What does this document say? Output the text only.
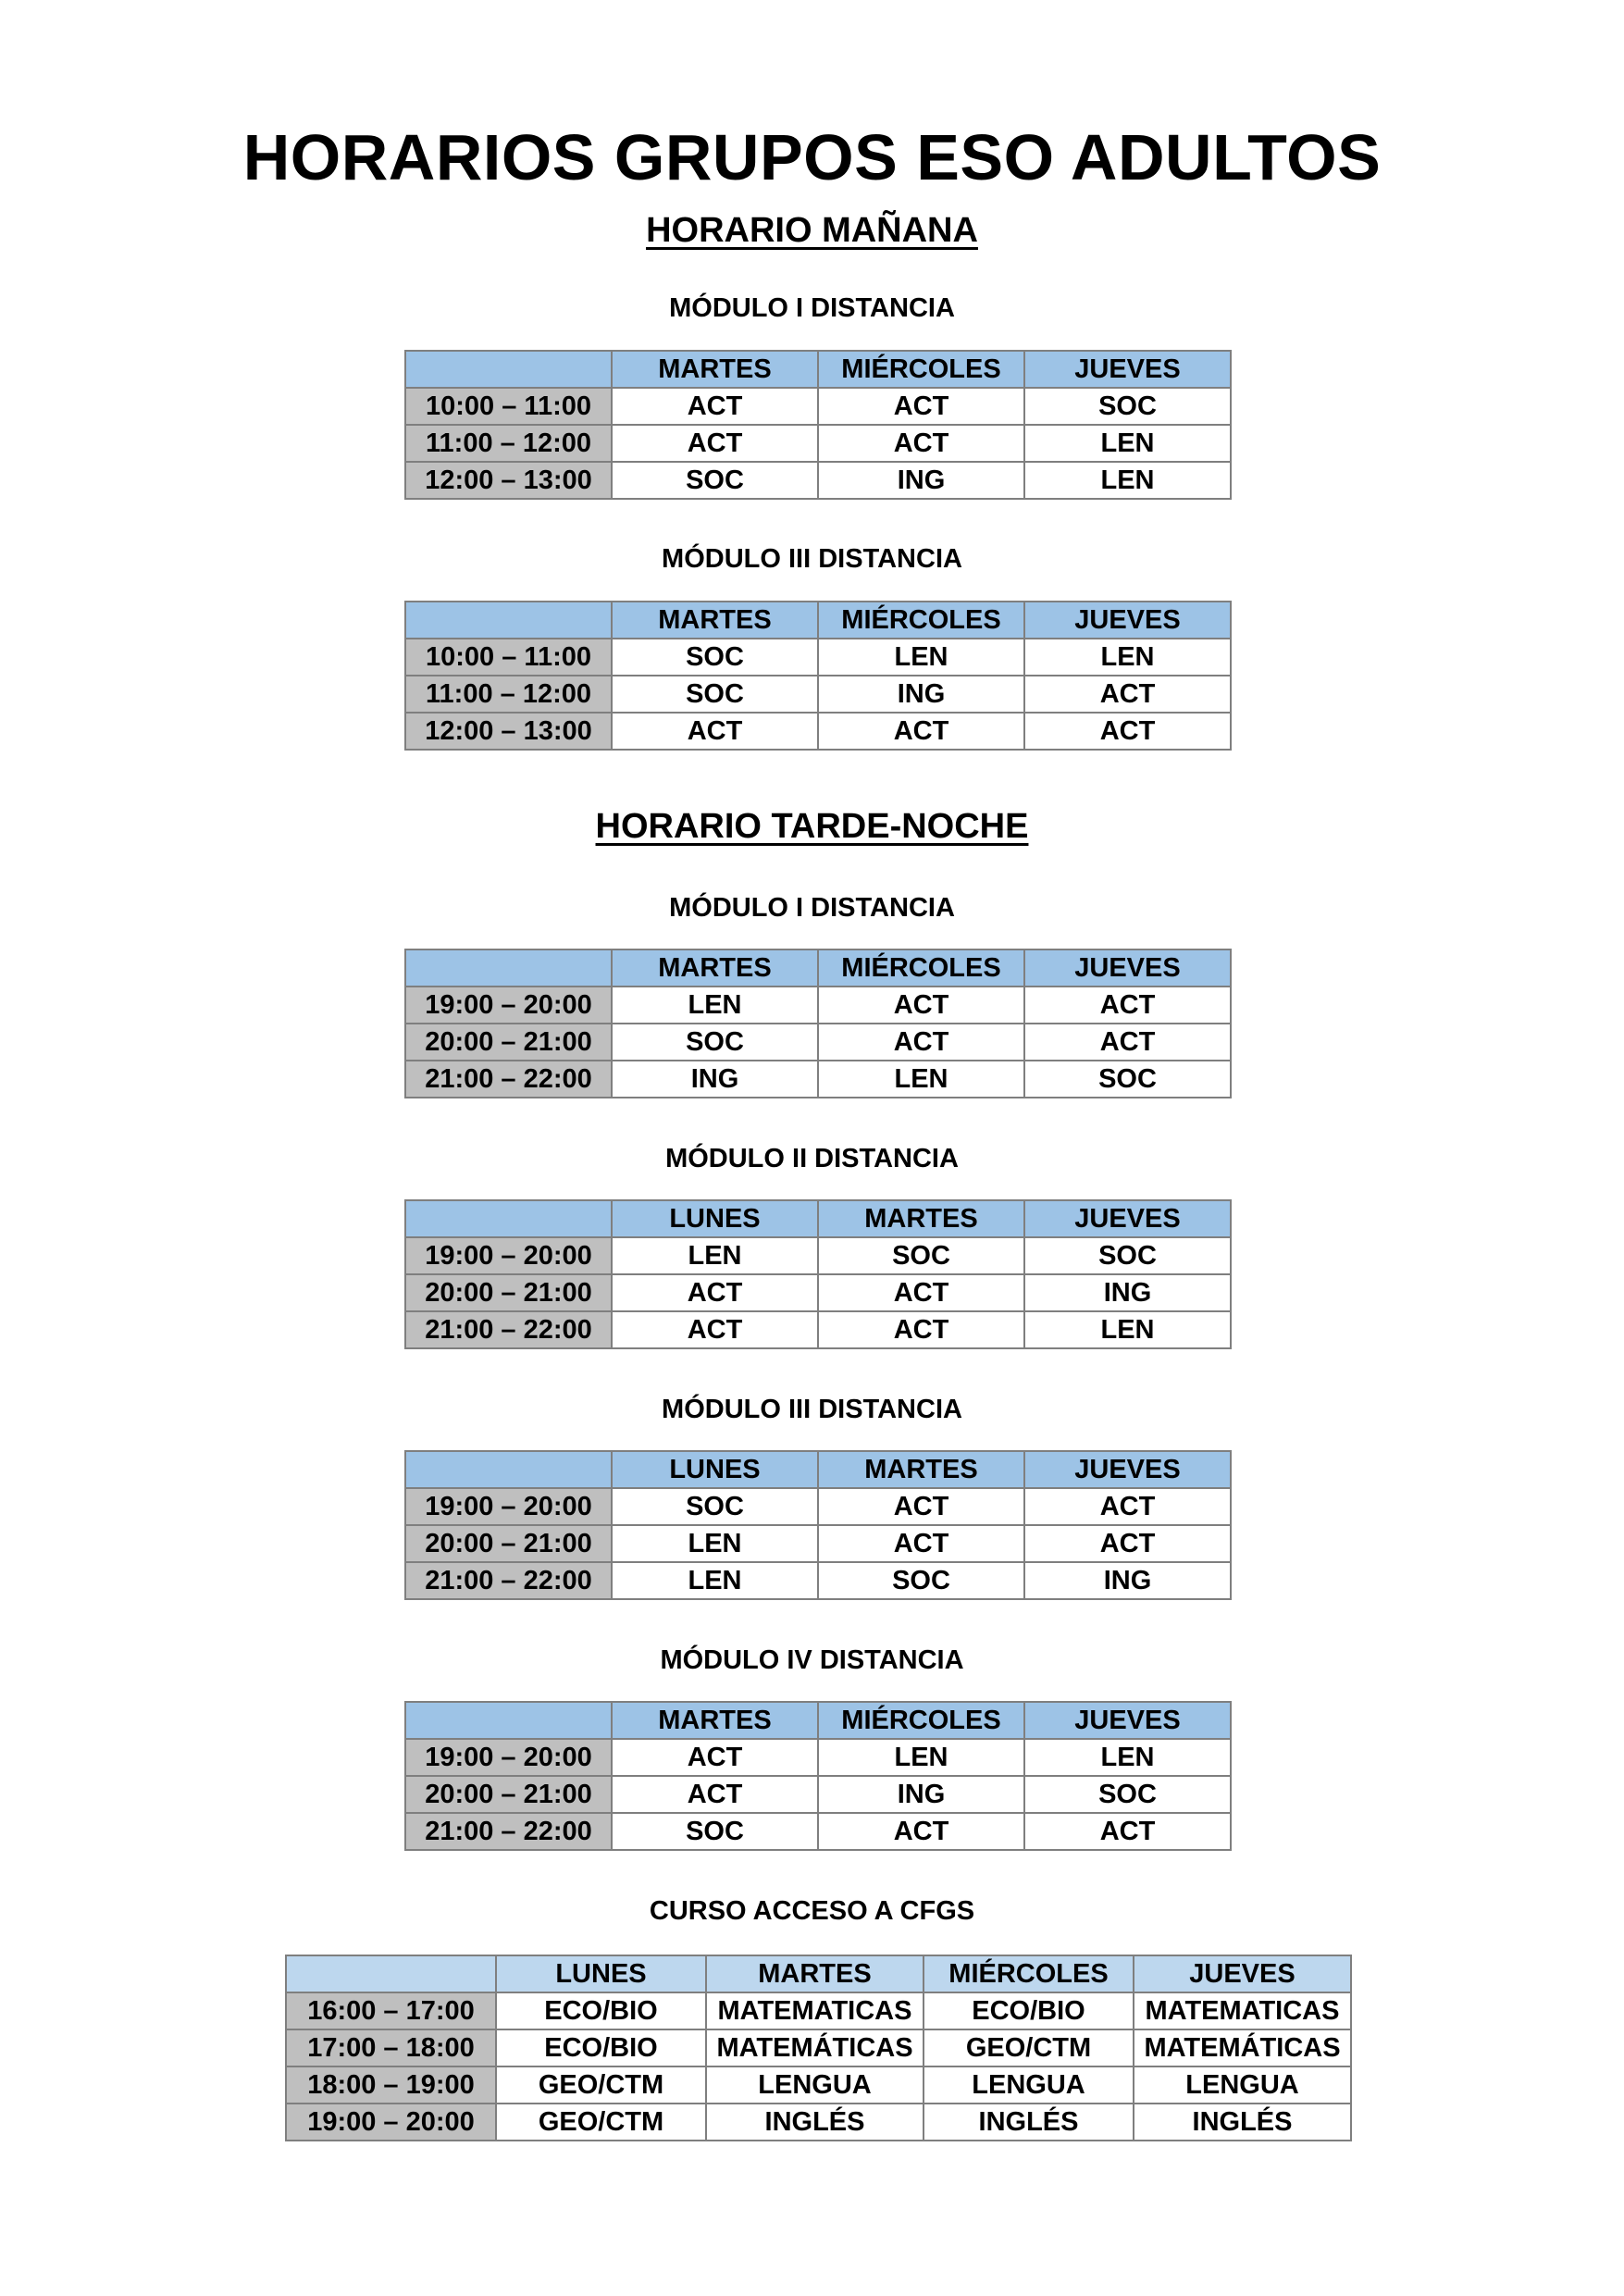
HORARIOS GRUPOS ESO ADULTOS
HORARIO MAÑANA
MÓDULO I DISTANCIA
	MARTES	MIÉRCOLES	JUEVES
10:00 – 11:00	ACT	ACT	SOC
11:00 – 12:00	ACT	ACT	LEN
12:00 – 13:00	SOC	ING	LEN
MÓDULO III DISTANCIA
	MARTES	MIÉRCOLES	JUEVES
10:00 – 11:00	SOC	LEN	LEN
11:00 – 12:00	SOC	ING	ACT
12:00 – 13:00	ACT	ACT	ACT
HORARIO TARDE-NOCHE
MÓDULO I DISTANCIA
	MARTES	MIÉRCOLES	JUEVES
19:00 – 20:00	LEN	ACT	ACT
20:00 – 21:00	SOC	ACT	ACT
21:00 – 22:00	ING	LEN	SOC
MÓDULO II DISTANCIA
	LUNES	MARTES	JUEVES
19:00 – 20:00	LEN	SOC	SOC
20:00 – 21:00	ACT	ACT	ING
21:00 – 22:00	ACT	ACT	LEN
MÓDULO III DISTANCIA
	LUNES	MARTES	JUEVES
19:00 – 20:00	SOC	ACT	ACT
20:00 – 21:00	LEN	ACT	ACT
21:00 – 22:00	LEN	SOC	ING
MÓDULO IV DISTANCIA
	MARTES	MIÉRCOLES	JUEVES
19:00 – 20:00	ACT	LEN	LEN
20:00 – 21:00	ACT	ING	SOC
21:00 – 22:00	SOC	ACT	ACT
CURSO ACCESO A CFGS
	LUNES	MARTES	MIÉRCOLES	JUEVES
16:00 – 17:00	ECO/BIO	MATEMATICAS	ECO/BIO	MATEMATICAS
17:00 – 18:00	ECO/BIO	MATEMÁTICAS	GEO/CTM	MATEMÁTICAS
18:00 – 19:00	GEO/CTM	LENGUA	LENGUA	LENGUA
19:00 – 20:00	GEO/CTM	INGLÉS	INGLÉS	INGLÉS
